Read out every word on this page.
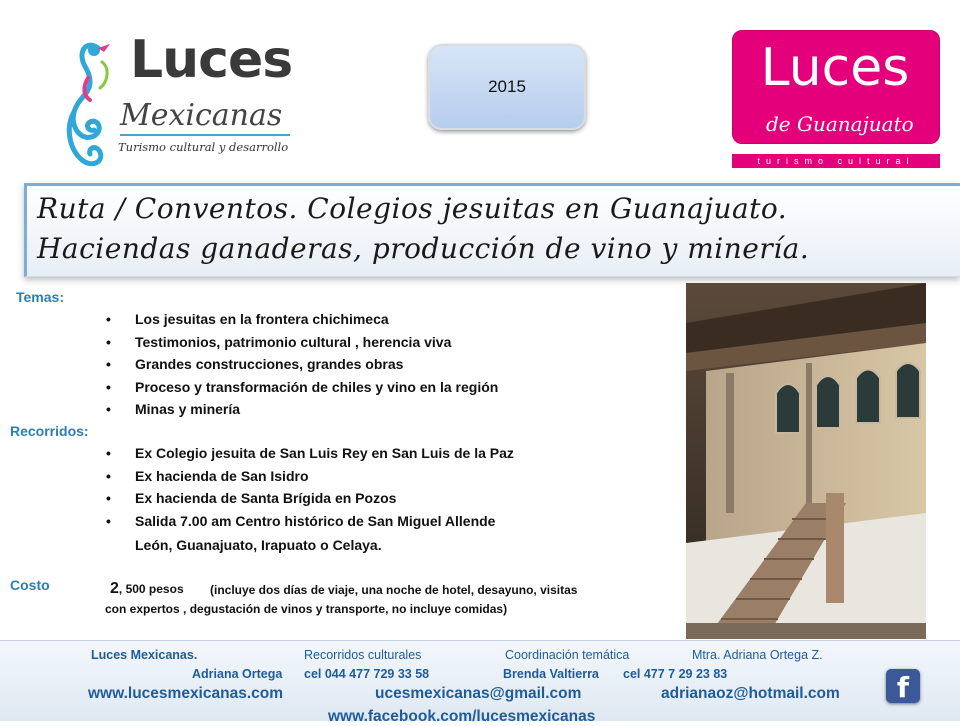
Luces
Mexicanas
Turismo cultural y desarrollo
2015	Luces
de Guanajuato
turismo cultural
Ruta / Conventos. Colegios jesuitas en Guanajuato.
Haciendas ganaderas, producción de vino y minería.
Temas:
• Los jesuitas en la frontera chichimeca
• Testimonios, patrimonio cultural , herencia viva
• Grandes construcciones, grandes obras
• Proceso y transformación de chiles y vino en la región
• Minas y minería
Recorridos:
• Ex Colegio jesuita de San Luis Rey en San Luis de la Paz
• Ex hacienda de San Isidro
• Ex hacienda de Santa Brígida en Pozos
• Salida 7.00 am Centro histórico de San Miguel Allende
León, Guanajuato, Irapuato o Celaya.
Costo	2, 500 pesos (incluye dos días de viaje, una noche de hotel, desayuno, visitas
con expertos , degustación de vinos y transporte, no incluye comidas)
Luces Mexicanas.	Recorridos culturales	Coordinación temática	Mtra. Adriana Ortega Z.
Adriana Ortega cel 044 477 729 33 58	Brenda Valtierra cel 477 7 29 23 83
www.lucesmexicanas.com	ucesmexicanas@gmail.com	adrianaoz@hotmail.com
www.facebook.com/lucesmexicanas
f
